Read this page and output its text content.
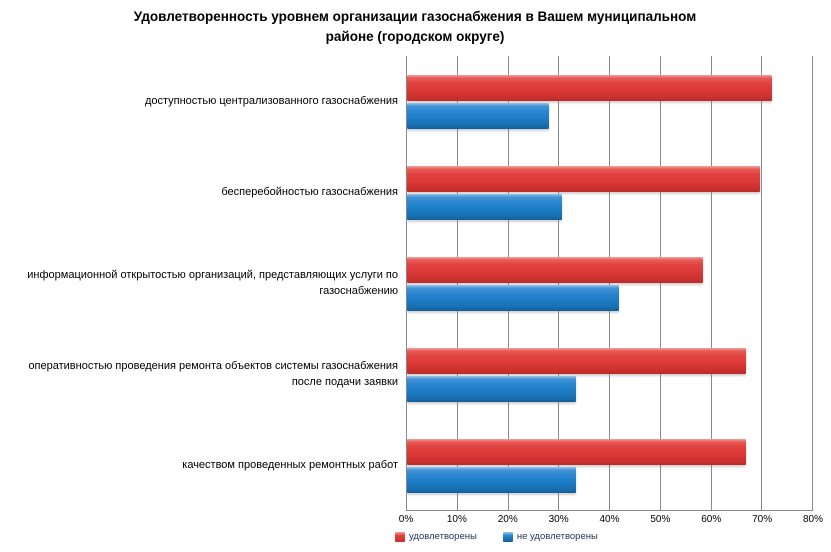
Удовлетворенность уровнем организации газоснабжения в Вашем муниципальном районе (городском округе)
доступностью централизованного газоснабжения
бесперебойностью газоснабжения
информационной открытостью организаций, представляющих услуги по газоснабжению
оперативностью проведения ремонта объектов системы газоснабжения после подачи заявки
качеством проведенных ремонтных работ
0%	10%	20%	30%	40%	50%	60%	70%	80%
удовлетворены	не удовлетворены
